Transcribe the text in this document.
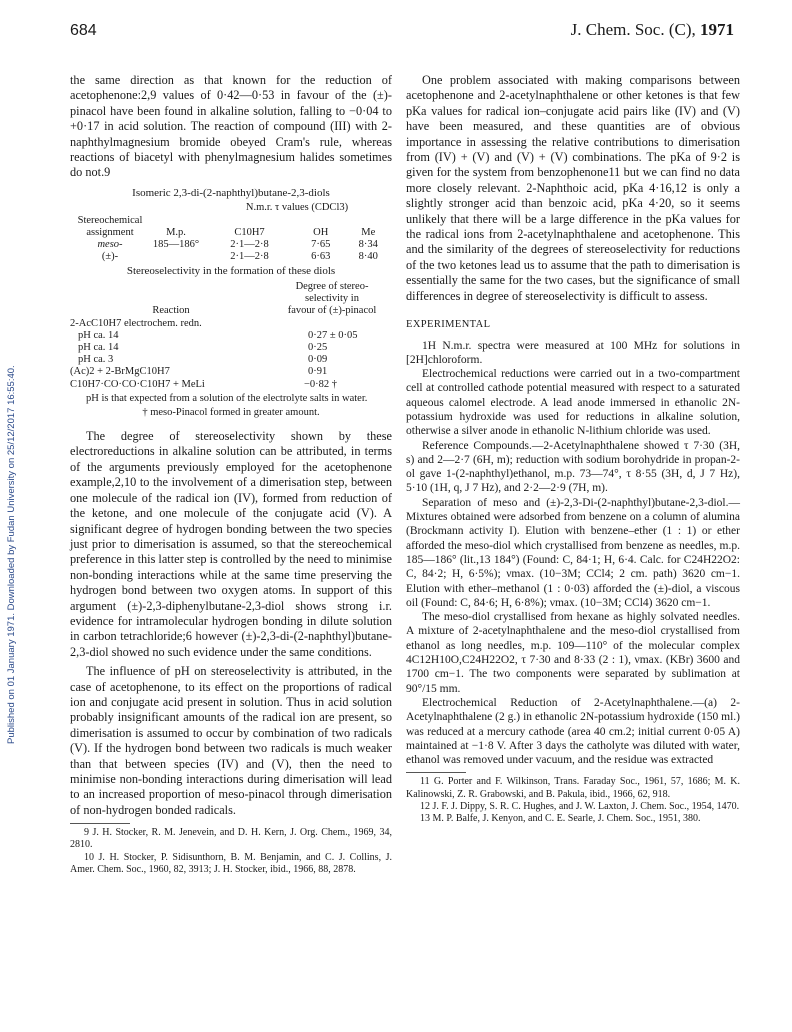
Published on 01 January 1971. Downloaded by Fudan University on 25/12/2017 16:55:40.
684	J. Chem. Soc. (C), 1971

the same direction as that known for the reduction of acetophenone:2,9 values of 0·42—0·53 in favour of the (±)-pinacol have been found in alkaline solution, falling to −0·04 to +0·17 in acid solution. The reaction of compound (III) with 2-naphthylmagnesium bromide obeyed Cram's rule, whereas reactions of biacetyl with phenylmagnesium halides sometimes do not.9

Isomeric 2,3-di-(2-naphthyl)butane-2,3-diols
		N.m.r. τ values (CDCl3)		
Stereochemical				
assignment	M.p.	C10H7	OH	Me
meso-	185—186°	2·1—2·8	7·65	8·34
(±)-		2·1—2·8	6·63	8·40
Stereoselectivity in the formation of these diols
	Degree of stereo-
	selectivity in
Reaction	favour of (±)-pinacol
2-AcC10H7 electrochem. redn.	
pH ca. 14	0·27 ± 0·05
pH ca. 14	0·25
pH ca. 3	0·09
(Ac)2 + 2-BrMgC10H7	0·91
C10H7·CO·CO·C10H7 + MeLi	−0·82 †

pH is that expected from a solution of the electrolyte salts in water.

† meso-Pinacol formed in greater amount.

The degree of stereoselectivity shown by these electroreductions in alkaline solution can be attributed, in terms of the arguments previously employed for the acetophenone example,2,10 to the involvement of a dimerisation step, between one molecule of the radical ion (IV), formed from reduction of the ketone, and one molecule of the conjugate acid (V). A significant degree of hydrogen bonding between the two species just prior to dimerisation is assumed, so that the stereochemical preference in this latter step is controlled by the need to minimise non-bonding interactions while at the same time preserving the hydrogen bond between two oxygen atoms. In support of this argument (±)-2,3-diphenylbutane-2,3-diol shows strong i.r. evidence for intramolecular hydrogen bonding in dilute solution in carbon tetrachloride;6 however (±)-2,3-di-(2-naphthyl)butane-2,3-diol showed no such evidence under the same conditions.

The influence of pH on stereoselectivity is attributed, in the case of acetophenone, to its effect on the proportions of radical ion and conjugate acid present in solution. Thus in acid solution probably insignificant amounts of the radical ion are present, so dimerisation is assumed to occur by combination of two radicals (V). If the hydrogen bond between two radicals is much weaker than that between species (IV) and (V), then the need to minimise non-bonding interactions during dimerisation will lead to an increased proportion of meso-pinacol through dimerisation of non-hydrogen bonded radicals.

9 J. H. Stocker, R. M. Jenevein, and D. H. Kern, J. Org. Chem., 1969, 34, 2810.

10 J. H. Stocker, P. Sidisunthorn, B. M. Benjamin, and C. J. Collins, J. Amer. Chem. Soc., 1960, 82, 3913; J. H. Stocker, ibid., 1966, 88, 2878.

One problem associated with making comparisons between acetophenone and 2-acetylnaphthalene or other ketones is that few pKa values for radical ion–conjugate acid pairs like (IV) and (V) have been measured, and these quantities are of obvious importance in assessing the relative contributions to dimerisation from (IV) + (V) and (V) + (V) combinations. The pKa of 9·2 is given for the system from benzophenone11 but we can find no data more closely relevant. 2-Naphthoic acid, pKa 4·16,12 is only a slightly stronger acid than benzoic acid, pKa 4·20, so it seems unlikely that there will be a large difference in the pKa values for the radical ions from 2-acetylnaphthalene and acetophenone. This and the similarity of the degrees of stereoselectivity for reductions of the two ketones lead us to assume that the path to dimerisation is essentially the same for the two cases, but the significance of small differences in degree of stereoselectivity is difficult to assess.

EXPERIMENTAL

1H N.m.r. spectra were measured at 100 MHz for solutions in [2H]chloroform.

Electrochemical reductions were carried out in a two-compartment cell at controlled cathode potential measured with respect to a saturated aqueous calomel electrode. A lead anode immersed in ethanolic 2N-potassium hydroxide was used for reductions in alkaline solution, otherwise a silver anode in ethanolic N-lithium chloride was used.

Reference Compounds.—2-Acetylnaphthalene showed τ 7·30 (3H, s) and 2—2·7 (6H, m); reduction with sodium borohydride in propan-2-ol gave 1-(2-naphthyl)ethanol, m.p. 73—74°, τ 8·55 (3H, d, J 7 Hz), 5·10 (1H, q, J 7 Hz), and 2·2—2·9 (7H, m).

Separation of meso and (±)-2,3-Di-(2-naphthyl)butane-2,3-diol.—Mixtures obtained were adsorbed from benzene on a column of alumina (Brockmann activity I). Elution with benzene–ether (1 : 1) or ether afforded the meso-diol which crystallised from benzene as needles, m.p. 185—186° (lit.,13 184°) (Found: C, 84·1; H, 6·4. Calc. for C24H22O2: C, 84·2; H, 6·5%); νmax. (10−3M; CCl4; 2 cm. path) 3620 cm−1. Elution with ether–methanol (1 : 0·03) afforded the (±)-diol, a viscous oil (Found: C, 84·6; H, 6·8%); νmax. (10−3M; CCl4) 3620 cm−1.

The meso-diol crystallised from hexane as highly solvated needles. A mixture of 2-acetylnaphthalene and the meso-diol crystallised from ethanol as long needles, m.p. 109—110° of the molecular complex 4C12H10O,C24H22O2, τ 7·30 and 8·33 (2 : 1), νmax. (KBr) 3600 and 1700 cm−1. The two components were separated by sublimation at 90°/15 mm.

Electrochemical Reduction of 2-Acetylnaphthalene.—(a) 2-Acetylnaphthalene (2 g.) in ethanolic 2N-potassium hydroxide (150 ml.) was reduced at a mercury cathode (area 40 cm.2; initial current 0·05 A) maintained at −1·8 V. After 3 days the catholyte was diluted with water, ethanol was removed under vacuum, and the residue was extracted

11 G. Porter and F. Wilkinson, Trans. Faraday Soc., 1961, 57, 1686; M. K. Kalinowski, Z. R. Grabowski, and B. Pakula, ibid., 1966, 62, 918.

12 J. F. J. Dippy, S. R. C. Hughes, and J. W. Laxton, J. Chem. Soc., 1954, 1470.

13 M. P. Balfe, J. Kenyon, and C. E. Searle, J. Chem. Soc., 1951, 380.
